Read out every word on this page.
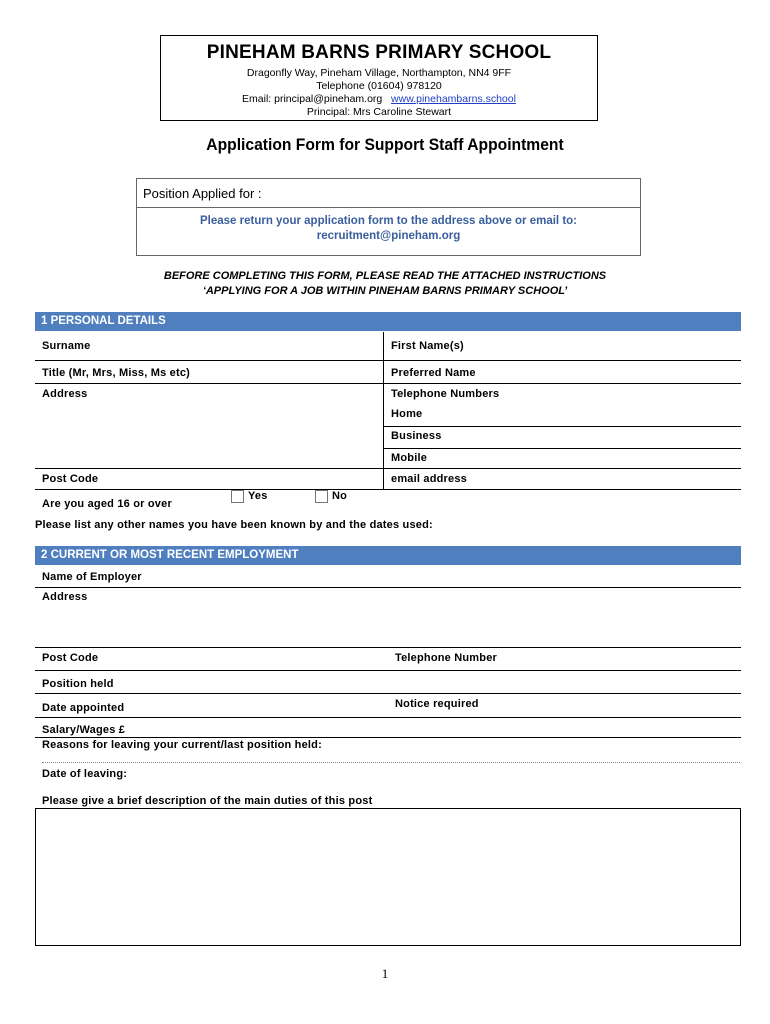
PINEHAM BARNS PRIMARY SCHOOL
Dragonfly Way, Pineham Village, Northampton, NN4 9FF
Telephone (01604) 978120
Email: principal@pineham.org www.pinehambarns.school
Principal: Mrs Caroline Stewart
Application Form for Support Staff Appointment
Position Applied for :
Please return your application form to the address above or email to:
recruitment@pineham.org
BEFORE COMPLETING THIS FORM, PLEASE READ THE ATTACHED INSTRUCTIONS
‘APPLYING FOR A JOB WITHIN PINEHAM BARNS PRIMARY SCHOOL’
1 PERSONAL DETAILS
Surname	First Name(s)
Title (Mr, Mrs, Miss, Ms etc)	Preferred Name
Address	Telephone Numbers
Home
Business
Mobile
Post Code	email address
Are you aged 16 or over
Yes	No
Please list any other names you have been known by and the dates used:
2 CURRENT OR MOST RECENT EMPLOYMENT
Name of Employer
Address
Post Code	Telephone Number
Position held
Date appointed	Notice required
Salary/Wages £
Reasons for leaving your current/last position held:
Date of leaving:
Please give a brief description of the main duties of this post
1
